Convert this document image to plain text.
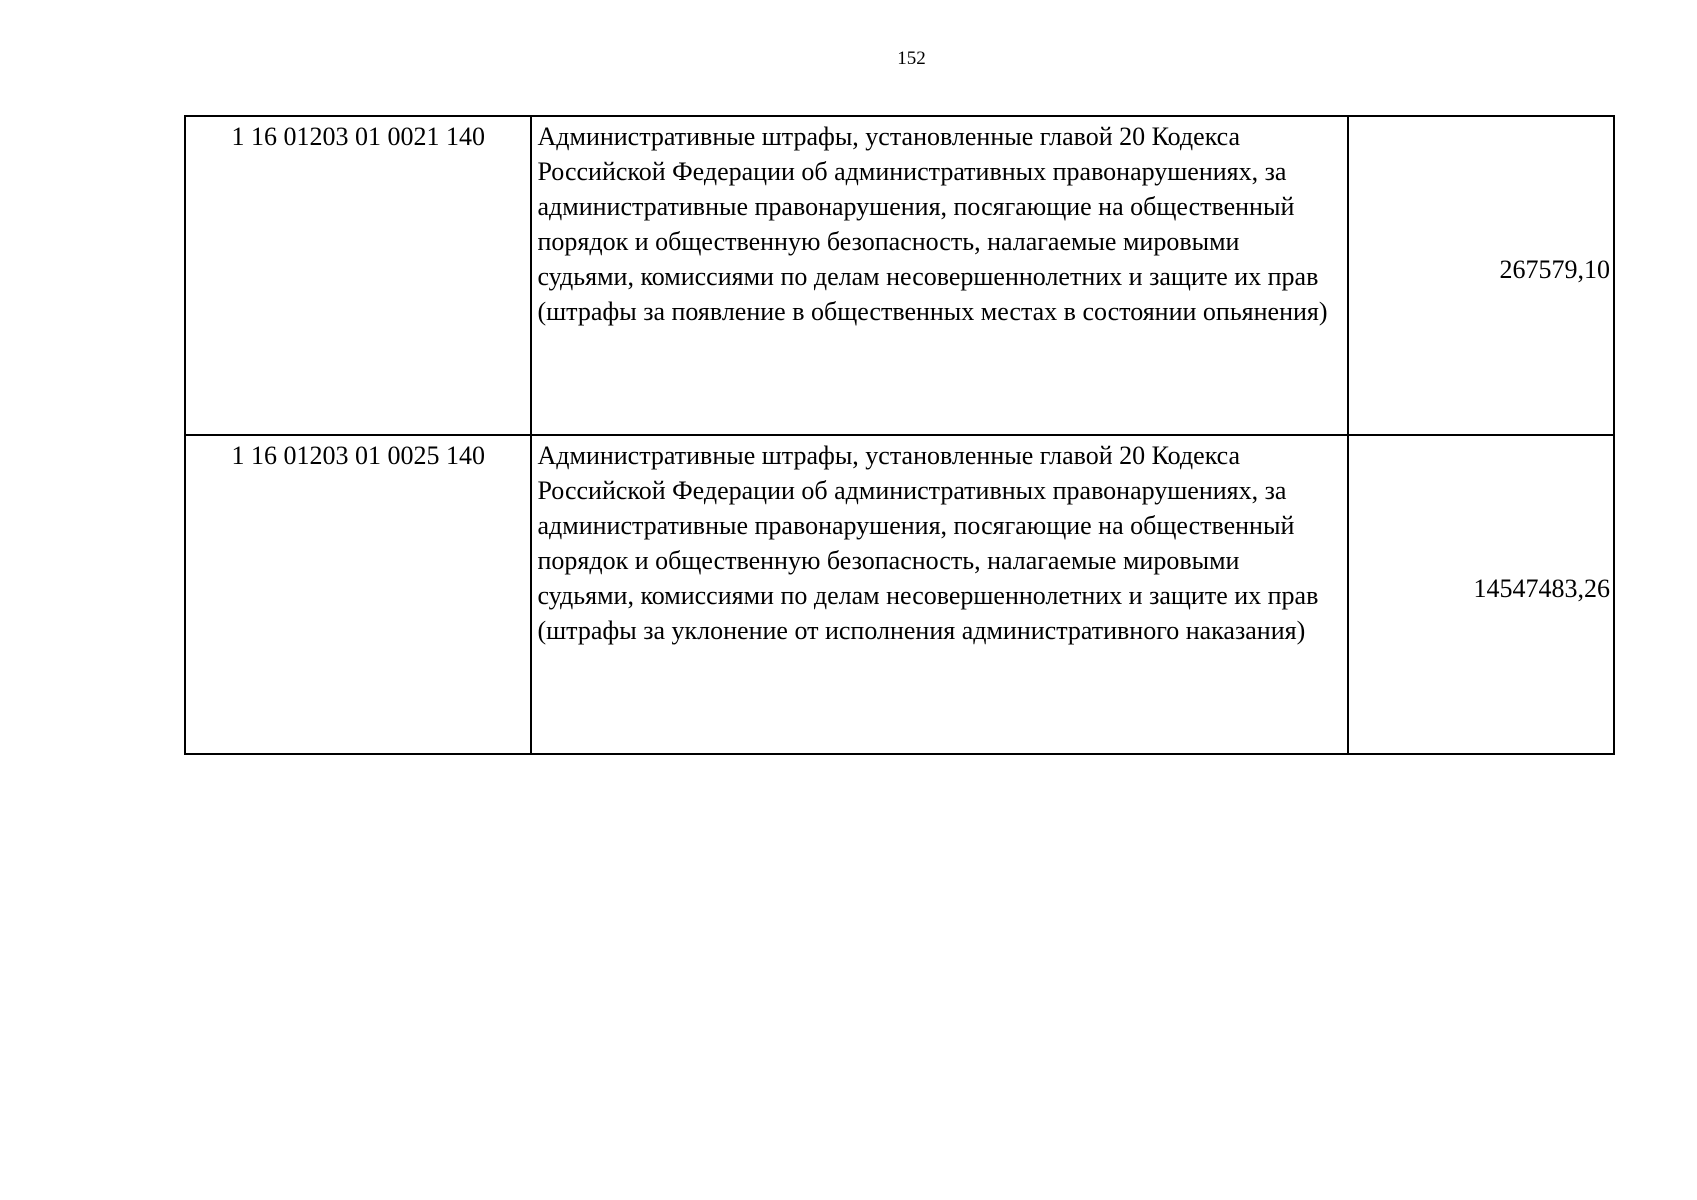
152
1 16 01203 01 0021 140	Административные штрафы, установленные главой 20 Кодекса Российской Федерации об административных правонарушениях, за административные правонарушения, посягающие на общественный порядок и общественную безопасность, налагаемые мировыми судьями, комиссиями по делам несовершеннолетних и защите их прав (штрафы за появление в общественных местах в состоянии опьянения)	267579,10
1 16 01203 01 0025 140	Административные штрафы, установленные главой 20 Кодекса Российской Федерации об административных правонарушениях, за административные правонарушения, посягающие на общественный порядок и общественную безопасность, налагаемые мировыми судьями, комиссиями по делам несовершеннолетних и защите их прав (штрафы за уклонение от исполнения административного наказания)	14547483,26
